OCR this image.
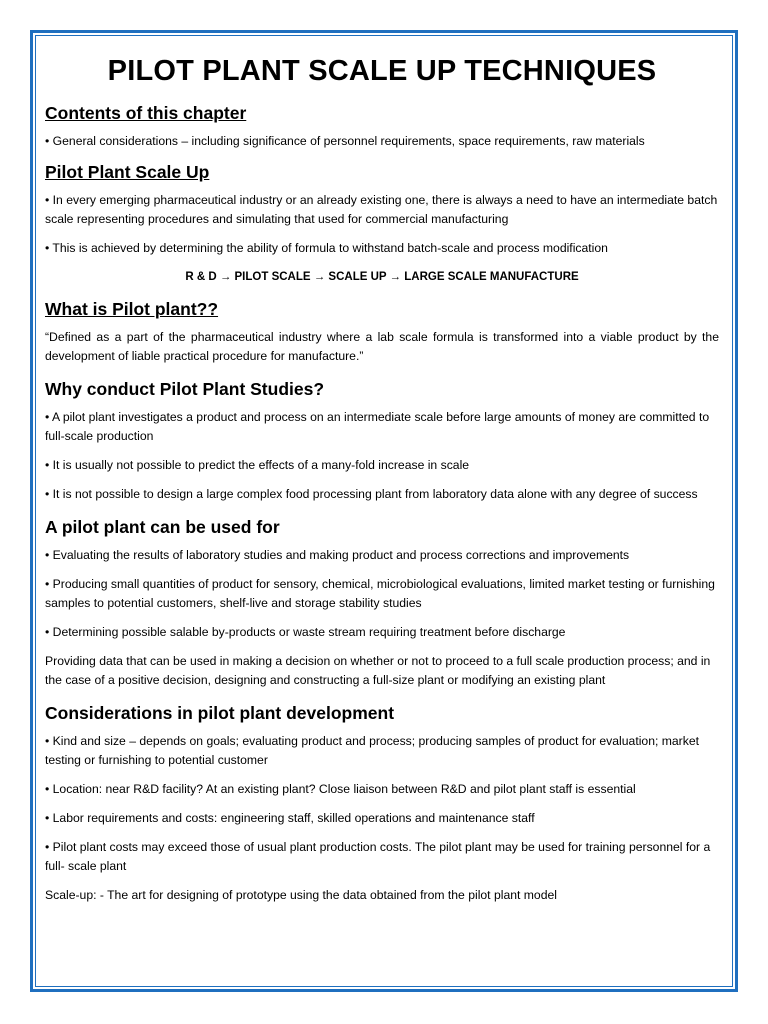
PILOT PLANT SCALE UP TECHNIQUES
Contents of this chapter

• General considerations – including significance of personnel requirements, space requirements, raw materials

Pilot Plant Scale Up

• In every emerging pharmaceutical industry or an already existing one, there is always a need to have an intermediate batch scale representing procedures and simulating that used for commercial manufacturing

• This is achieved by determining the ability of formula to withstand batch-scale and process modification

R & D → PILOT SCALE → SCALE UP → LARGE SCALE MANUFACTURE

What is Pilot plant??

“Defined as a part of the pharmaceutical industry where a lab scale formula is transformed into a viable product by the development of liable practical procedure for manufacture.”

Why conduct Pilot Plant Studies?

• A pilot plant investigates a product and process on an intermediate scale before large amounts of money are committed to full-scale production

• It is usually not possible to predict the effects of a many-fold increase in scale

• It is not possible to design a large complex food processing plant from laboratory data alone with any degree of success

A pilot plant can be used for

• Evaluating the results of laboratory studies and making product and process corrections and improvements

• Producing small quantities of product for sensory, chemical, microbiological evaluations, limited market testing or furnishing samples to potential customers, shelf-live and storage stability studies

• Determining possible salable by-products or waste stream requiring treatment before discharge

Providing data that can be used in making a decision on whether or not to proceed to a full scale production process; and in the case of a positive decision, designing and constructing a full-size plant or modifying an existing plant

Considerations in pilot plant development

• Kind and size – depends on goals; evaluating product and process; producing samples of product for evaluation; market testing or furnishing to potential customer

• Location: near R&D facility? At an existing plant? Close liaison between R&D and pilot plant staff is essential

• Labor requirements and costs: engineering staff, skilled operations and maintenance staff

• Pilot plant costs may exceed those of usual plant production costs. The pilot plant may be used for training personnel for a full- scale plant

Scale-up: - The art for designing of prototype using the data obtained from the pilot plant model
